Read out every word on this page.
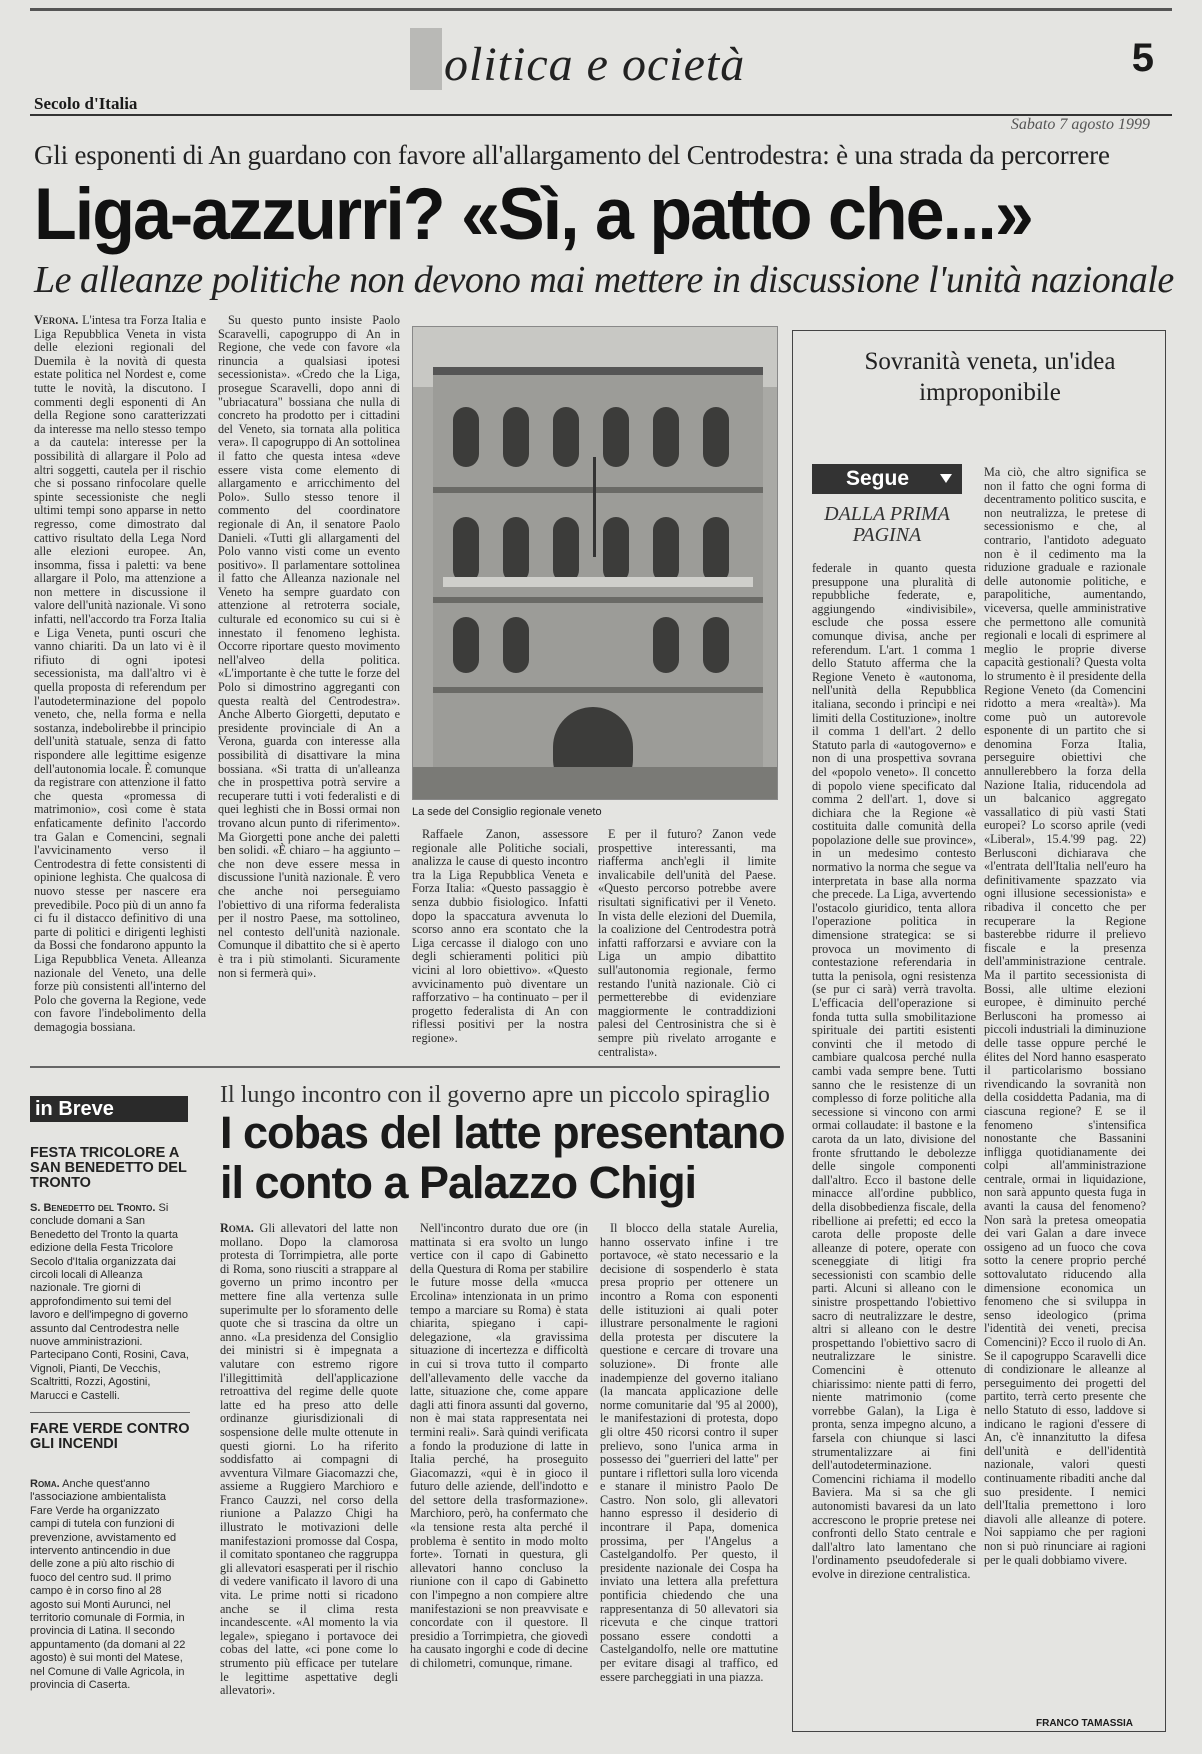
olitica e ocietà	5
Secolo d'Italia
Sabato 7 agosto 1999
Gli esponenti di An guardano con favore all'allargamento del Centrodestra: è una strada da percorrere
Liga-azzurri? «Sì, a patto che...»
Le alleanze politiche non devono mai mettere in discussione l'unità nazionale

Verona. L'intesa tra Forza Italia e Liga Repubblica Veneta in vista delle elezioni regionali del Duemila è la novità di questa estate politica nel Nordest e, come tutte le novità, la discutono. I commenti degli esponenti di An della Regione sono caratterizzati da interesse ma nello stesso tempo a da cautela: interesse per la possibilità di allargare il Polo ad altri soggetti, cautela per il rischio che si possano rinfocolare quelle spinte secessioniste che negli ultimi tempi sono apparse in netto regresso, come dimostrato dal cattivo risultato della Lega Nord alle elezioni europee. An, insomma, fissa i paletti: va bene allargare il Polo, ma attenzione a non mettere in discussione il valore dell'unità nazionale. Vi sono infatti, nell'accordo tra Forza Italia e Liga Veneta, punti oscuri che vanno chiariti. Da un lato vi è il rifiuto di ogni ipotesi secessionista, ma dall'altro vi è quella proposta di referendum per l'autodeterminazione del popolo veneto, che, nella forma e nella sostanza, indebolirebbe il principio dell'unità statuale, senza di fatto rispondere alle legittime esigenze dell'autonomia locale. È comunque da registrare con attenzione il fatto che questa «promessa di matrimonio», così come è stata enfaticamente definito l'accordo tra Galan e Comencini, segnali l'avvicinamento verso il Centrodestra di fette consistenti di opinione leghista. Che qualcosa di nuovo stesse per nascere era prevedibile. Poco più di un anno fa ci fu il distacco definitivo di una parte di politici e dirigenti leghisti da Bossi che fondarono appunto la Liga Repubblica Veneta. Alleanza nazionale del Veneto, una delle forze più consistenti all'interno del Polo che governa la Regione, vede con favore l'indebolimento della demagogia bossiana.

Su questo punto insiste Paolo Scaravelli, capogruppo di An in Regione, che vede con favore «la rinuncia a qualsiasi ipotesi secessionista». «Credo che la Liga, prosegue Scaravelli, dopo anni di "ubriacatura" bossiana che nulla di concreto ha prodotto per i cittadini del Veneto, sia tornata alla politica vera». Il capogruppo di An sottolinea il fatto che questa intesa «deve essere vista come elemento di allargamento e arricchimento del Polo». Sullo stesso tenore il commento del coordinatore regionale di An, il senatore Paolo Danieli. «Tutti gli allargamenti del Polo vanno visti come un evento positivo». Il parlamentare sottolinea il fatto che Alleanza nazionale nel Veneto ha sempre guardato con attenzione al retroterra sociale, culturale ed economico su cui si è innestato il fenomeno leghista. Occorre riportare questo movimento nell'alveo della politica. «L'importante è che tutte le forze del Polo si dimostrino aggreganti con questa realtà del Centrodestra». Anche Alberto Giorgetti, deputato e presidente provinciale di An a Verona, guarda con interesse alla possibilità di disattivare la mina bossiana. «Si tratta di un'alleanza che in prospettiva potrà servire a recuperare tutti i voti federalisti e di quei leghisti che in Bossi ormai non trovano alcun punto di riferimento». Ma Giorgetti pone anche dei paletti ben solidi. «È chiaro – ha aggiunto – che non deve essere messa in discussione l'unità nazionale. È vero che anche noi perseguiamo l'obiettivo di una riforma federalista per il nostro Paese, ma sottolineo, nel contesto dell'unità nazionale. Comunque il dibattito che si è aperto è tra i più stimolanti. Sicuramente non si fermerà qui».

La sede del Consiglio regionale veneto

Raffaele Zanon, assessore regionale alle Politiche sociali, analizza le cause di questo incontro tra la Liga Repubblica Veneta e Forza Italia: «Questo passaggio è senza dubbio fisiologico. Infatti dopo la spaccatura avvenuta lo scorso anno era scontato che la Liga cercasse il dialogo con uno degli schieramenti politici più vicini al loro obiettivo». «Questo avvicinamento può diventare un rafforzativo – ha continuato – per il progetto federalista di An con riflessi positivi per la nostra regione».

E per il futuro? Zanon vede prospettive interessanti, ma riafferma anch'egli il limite invalicabile dell'unità del Paese. «Questo percorso potrebbe avere risultati significativi per il Veneto. In vista delle elezioni del Duemila, la coalizione del Centrodestra potrà infatti rafforzarsi e avviare con la Liga un ampio dibattito sull'autonomia regionale, fermo restando l'unità nazionale. Ciò ci permetterebbe di evidenziare maggiormente le contraddizioni palesi del Centrosinistra che si è sempre più rivelato arrogante e centralista».

Sovranità veneta, un'idea improponibile
Segue
DALLA PRIMA PAGINA

federale in quanto questa presuppone una pluralità di repubbliche federate, e, aggiungendo «indivisibile», esclude che possa essere comunque divisa, anche per referendum. L'art. 1 comma 1 dello Statuto afferma che la Regione Veneto è «autonoma, nell'unità della Repubblica italiana, secondo i princìpi e nei limiti della Costituzione», inoltre il comma 1 dell'art. 2 dello Statuto parla di «autogoverno» e non di una prospettiva sovrana del «popolo veneto». Il concetto di popolo viene specificato dal comma 2 dell'art. 1, dove si dichiara che la Regione «è costituita dalle comunità della popolazione delle sue province», in un medesimo contesto normativo la norma che segue va interpretata in base alla norma che precede. La Liga, avvertendo l'ostacolo giuridico, tenta allora l'operazione politica in dimensione strategica: se si provoca un movimento di contestazione referendaria in tutta la penisola, ogni resistenza (se pur ci sarà) verrà travolta. L'efficacia dell'operazione si fonda tutta sulla smobilitazione spirituale dei partiti esistenti convinti che il metodo di cambiare qualcosa perché nulla cambi vada sempre bene. Tutti sanno che le resistenze di un complesso di forze politiche alla secessione si vincono con armi ormai collaudate: il bastone e la carota da un lato, divisione del fronte sfruttando le debolezze delle singole componenti dall'altro. Ecco il bastone delle minacce all'ordine pubblico, della disobbedienza fiscale, della ribellione ai prefetti; ed ecco la carota delle proposte delle alleanze di potere, operate con sceneggiate di litigi fra secessionisti con scambio delle parti. Alcuni si alleano con le sinistre prospettando l'obiettivo sacro di neutralizzare le destre, altri si alleano con le destre prospettando l'obiettivo sacro di neutralizzare le sinistre. Comencini è ottenuto chiarissimo: niente patti di ferro, niente matrimonio (come vorrebbe Galan), la Liga è pronta, senza impegno alcuno, a farsela con chiunque si lasci strumentalizzare ai fini dell'autodeterminazione. Comencini richiama il modello Baviera. Ma si sa che gli autonomisti bavaresi da un lato accrescono le proprie pretese nei confronti dello Stato centrale e dall'altro lato lamentano che l'ordinamento pseudofederale si evolve in direzione centralistica.

Ma ciò, che altro significa se non il fatto che ogni forma di decentramento politico suscita, e non neutralizza, le pretese di secessionismo e che, al contrario, l'antidoto adeguato non è il cedimento ma la riduzione graduale e razionale delle autonomie politiche, e parapolitiche, aumentando, viceversa, quelle amministrative che permettono alle comunità regionali e locali di esprimere al meglio le proprie diverse capacità gestionali? Questa volta lo strumento è il presidente della Regione Veneto (da Comencini ridotto a mera «realtà»). Ma come può un autorevole esponente di un partito che si denomina Forza Italia, perseguire obiettivi che annullerebbero la forza della Nazione Italia, riducendola ad un balcanico aggregato vassallatico di più vasti Stati europei? Lo scorso aprile (vedi «Liberal», 15.4.'99 pag. 22) Berlusconi dichiarava che «l'entrata dell'Italia nell'euro ha definitivamente spazzato via ogni illusione secessionista» e ribadiva il concetto che per recuperare la Regione basterebbe ridurre il prelievo fiscale e la presenza dell'amministrazione centrale. Ma il partito secessionista di Bossi, alle ultime elezioni europee, è diminuito perché Berlusconi ha promesso ai piccoli industriali la diminuzione delle tasse oppure perché le élites del Nord hanno esasperato il particolarismo bossiano rivendicando la sovranità non della cosiddetta Padania, ma di ciascuna regione? E se il fenomeno s'intensifica nonostante che Bassanini infligga quotidianamente dei colpi all'amministrazione centrale, ormai in liquidazione, non sarà appunto questa fuga in avanti la causa del fenomeno? Non sarà la pretesa omeopatia dei vari Galan a dare invece ossigeno ad un fuoco che cova sotto la cenere proprio perché sottovalutato riducendo alla dimensione economica un fenomeno che si sviluppa in senso ideologico (prima l'identità dei veneti, precisa Comencini)? Ecco il ruolo di An. Se il capogruppo Scaravelli dice di condizionare le alleanze al perseguimento dei progetti del partito, terrà certo presente che nello Statuto di esso, laddove si indicano le ragioni d'essere di An, c'è innanzitutto la difesa dell'unità e dell'identità nazionale, valori questi continuamente ribaditi anche dal suo presidente. I nemici dell'Italia premettono i loro diavoli alle alleanze di potere. Noi sappiamo che per ragioni non si può rinunciare ai ragioni per le quali dobbiamo vivere.

FRANCO TAMASSIA
in Breve
FESTA TRICOLORE A SAN BENEDETTO DEL TRONTO

S. Benedetto del Tronto. Si conclude domani a San Benedetto del Tronto la quarta edizione della Festa Tricolore Secolo d'Italia organizzata dai circoli locali di Alleanza nazionale. Tre giorni di approfondimento sui temi del lavoro e dell'impegno di governo assunto dal Centrodestra nelle nuove amministrazioni. Partecipano Conti, Rosini, Cava, Vignoli, Pianti, De Vecchis, Scaltritti, Rozzi, Agostini, Marucci e Castelli.

FARE VERDE CONTRO GLI INCENDI

Roma. Anche quest'anno l'associazione ambientalista Fare Verde ha organizzato campi di tutela con funzioni di prevenzione, avvistamento ed intervento antincendio in due delle zone a più alto rischio di fuoco del centro sud. Il primo campo è in corso fino al 28 agosto sui Monti Aurunci, nel territorio comunale di Formia, in provincia di Latina. Il secondo appuntamento (da domani al 22 agosto) è sui monti del Matese, nel Comune di Valle Agricola, in provincia di Caserta.

Il lungo incontro con il governo apre un piccolo spiraglio
I cobas del latte presentano
il conto a Palazzo Chigi

Roma. Gli allevatori del latte non mollano. Dopo la clamorosa protesta di Torrimpietra, alle porte di Roma, sono riusciti a strappare al governo un primo incontro per mettere fine alla vertenza sulle superimulte per lo sforamento delle quote che si trascina da oltre un anno. «La presidenza del Consiglio dei ministri si è impegnata a valutare con estremo rigore l'illegittimità dell'applicazione retroattiva del regime delle quote latte ed ha preso atto delle ordinanze giurisdizionali di sospensione delle multe ottenute in questi giorni. Lo ha riferito soddisfatto ai compagni di avventura Vilmare Giacomazzi che, assieme a Ruggiero Marchioro e Franco Cauzzi, nel corso della riunione a Palazzo Chigi ha illustrato le motivazioni delle manifestazioni promosse dal Cospa, il comitato spontaneo che raggruppa gli allevatori esasperati per il rischio di vedere vanificato il lavoro di una vita. Le prime notti si ricadono anche se il clima resta incandescente. «Al momento la via legale», spiegano i portavoce dei cobas del latte, «ci pone come lo strumento più efficace per tutelare le legittime aspettative degli allevatori».

Nell'incontro durato due ore (in mattinata si era svolto un lungo vertice con il capo di Gabinetto della Questura di Roma per stabilire le future mosse della «mucca Ercolina» intenzionata in un primo tempo a marciare su Roma) è stata chiarita, spiegano i capi-delegazione, «la gravissima situazione di incertezza e difficoltà in cui si trova tutto il comparto dell'allevamento delle vacche da latte, situazione che, come appare dagli atti finora assunti dal governo, non è mai stata rappresentata nei termini reali». Sarà quindi verificata a fondo la produzione di latte in Italia perché, ha proseguito Giacomazzi, «qui è in gioco il futuro delle aziende, dell'indotto e del settore della trasformazione». Marchioro, però, ha confermato che «la tensione resta alta perché il problema è sentito in modo molto forte». Tornati in questura, gli allevatori hanno concluso la riunione con il capo di Gabinetto con l'impegno a non compiere altre manifestazioni se non preavvisate e concordate con il questore. Il presidio a Torrimpietra, che giovedì ha causato ingorghi e code di decine di chilometri, comunque, rimane.

Il blocco della statale Aurelia, hanno osservato infine i tre portavoce, «è stato necessario e la decisione di sospenderlo è stata presa proprio per ottenere un incontro a Roma con esponenti delle istituzioni ai quali poter illustrare personalmente le ragioni della protesta per discutere la questione e cercare di trovare una soluzione». Di fronte alle inadempienze del governo italiano (la mancata applicazione delle norme comunitarie dal '95 al 2000), le manifestazioni di protesta, dopo gli oltre 450 ricorsi contro il super prelievo, sono l'unica arma in possesso dei "guerrieri del latte" per puntare i riflettori sulla loro vicenda e stanare il ministro Paolo De Castro. Non solo, gli allevatori hanno espresso il desiderio di incontrare il Papa, domenica prossima, per l'Angelus a Castelgandolfo. Per questo, il presidente nazionale dei Cospa ha inviato una lettera alla prefettura pontificia chiedendo che una rappresentanza di 50 allevatori sia ricevuta e che cinque trattori possano essere condotti a Castelgandolfo, nelle ore mattutine per evitare disagi al traffico, ed essere parcheggiati in una piazza.
